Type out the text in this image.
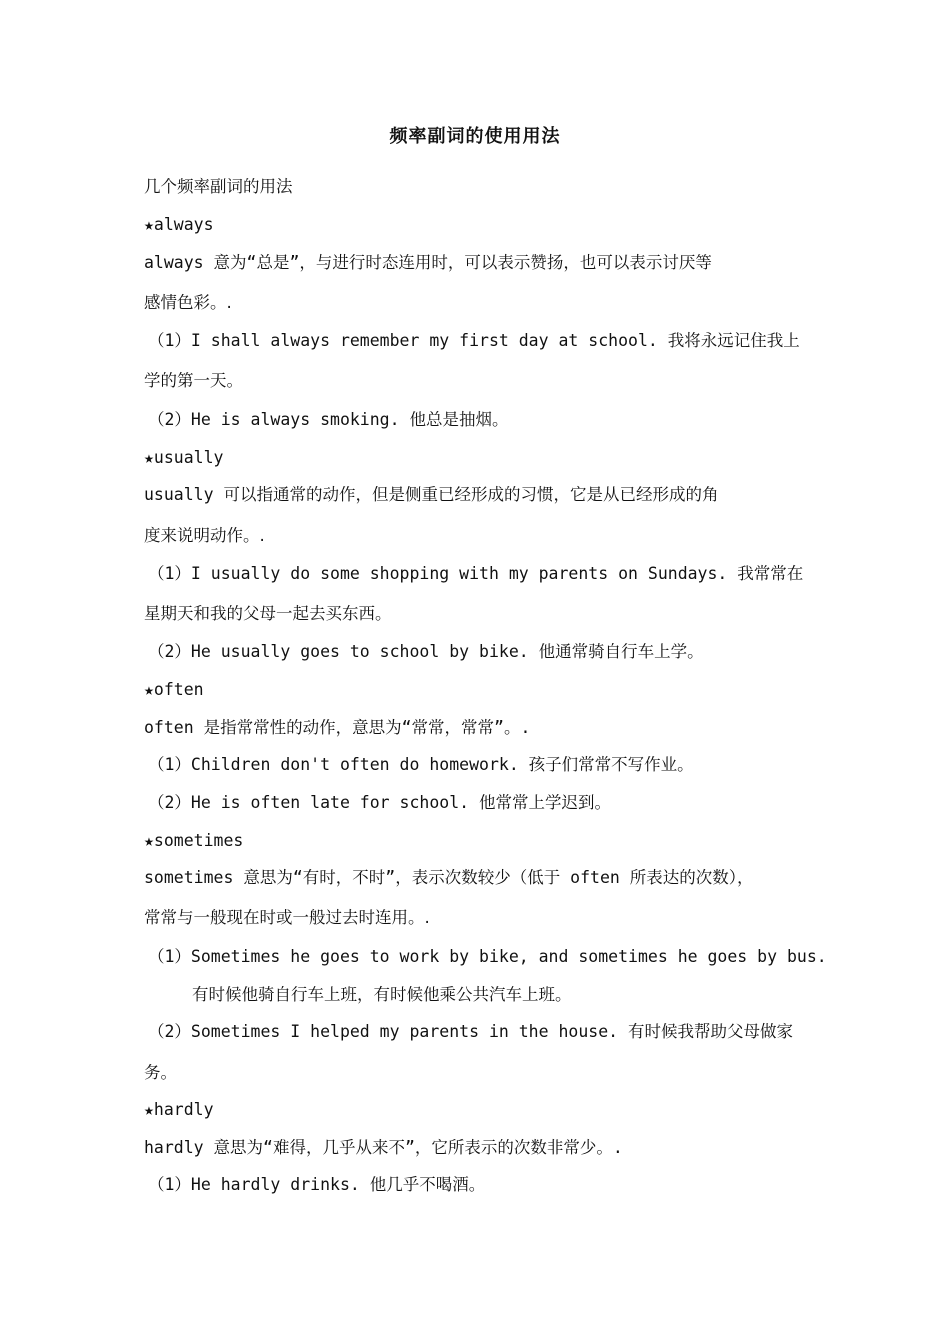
频率副词的使用用法
几个频率副词的用法
★always
always 意为“总是”，与进行时态连用时，可以表示赞扬，也可以表示讨厌等
感情色彩。.
（1）I shall always remember my first day at school. 我将永远记住我上
学的第一天。
（2）He is always smoking. 他总是抽烟。
★usually
usually 可以指通常的动作，但是侧重已经形成的习惯，它是从已经形成的角
度来说明动作。.
（1）I usually do some shopping with my parents on Sundays. 我常常在
星期天和我的父母一起去买东西。
（2）He usually goes to school by bike. 他通常骑自行车上学。
★often
often 是指常常性的动作，意思为“常常，常常”。.
（1）Children don't often do homework. 孩子们常常不写作业。
（2）He is often late for school. 他常常上学迟到。
★sometimes
sometimes 意思为“有时，不时”，表示次数较少（低于 often 所表达的次数），
常常与一般现在时或一般过去时连用。.
（1）Sometimes he goes to work by bike, and sometimes he goes by bus.
有时候他骑自行车上班，有时候他乘公共汽车上班。
（2）Sometimes I helped my parents in the house. 有时候我帮助父母做家
务。
★hardly
hardly 意思为“难得，几乎从来不”，它所表示的次数非常少。.
（1）He hardly drinks. 他几乎不喝酒。
